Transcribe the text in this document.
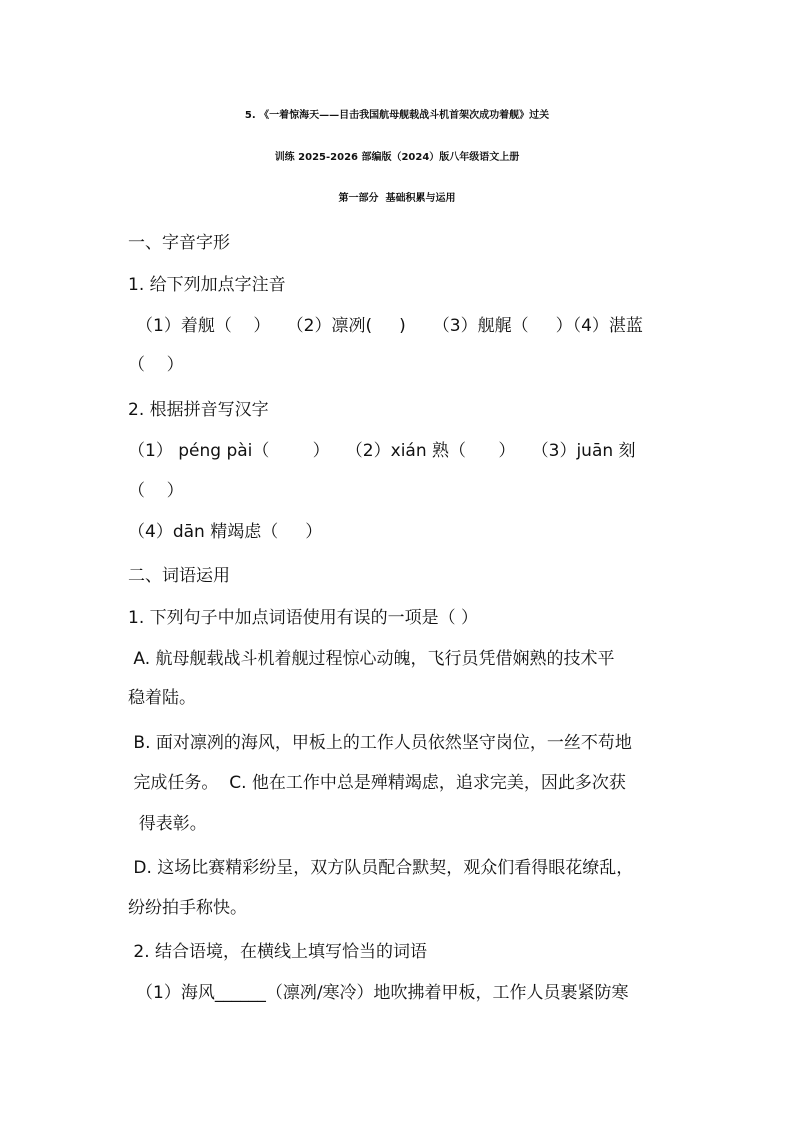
5. 《一着惊海天——目击我国航母舰载战斗机首架次成功着舰》过关
训练 2025-2026 部编版（2024）版八年级语文上册
第一部分  基础积累与运用
一、字音字形
1. 给下列加点字注音
（1）着舰（    ）   （2）凛冽(     )     （3）舰艉（     ）（4）湛蓝
（    ）
2. 根据拼音写汉字
（1） péng pài（        ）   （2）xián 熟（      ）   （3）juān 刻
（    ）
（4）dān 精竭虑（     ）
二、词语运用
1. 下列句子中加点词语使用有误的一项是（ ）
A. 航母舰载战斗机着舰过程惊心动魄，飞行员凭借娴熟的技术平
稳着陆。
B. 面对凛冽的海风，甲板上的工作人员依然坚守岗位，一丝不苟地
完成任务。  C. 他在工作中总是殚精竭虑，追求完美，因此多次获
得表彰。
D. 这场比赛精彩纷呈，双方队员配合默契，观众们看得眼花缭乱，
纷纷拍手称快。
2. 结合语境，在横线上填写恰当的词语
（1）海风______（凛冽/寒冷）地吹拂着甲板，工作人员裹紧防寒
